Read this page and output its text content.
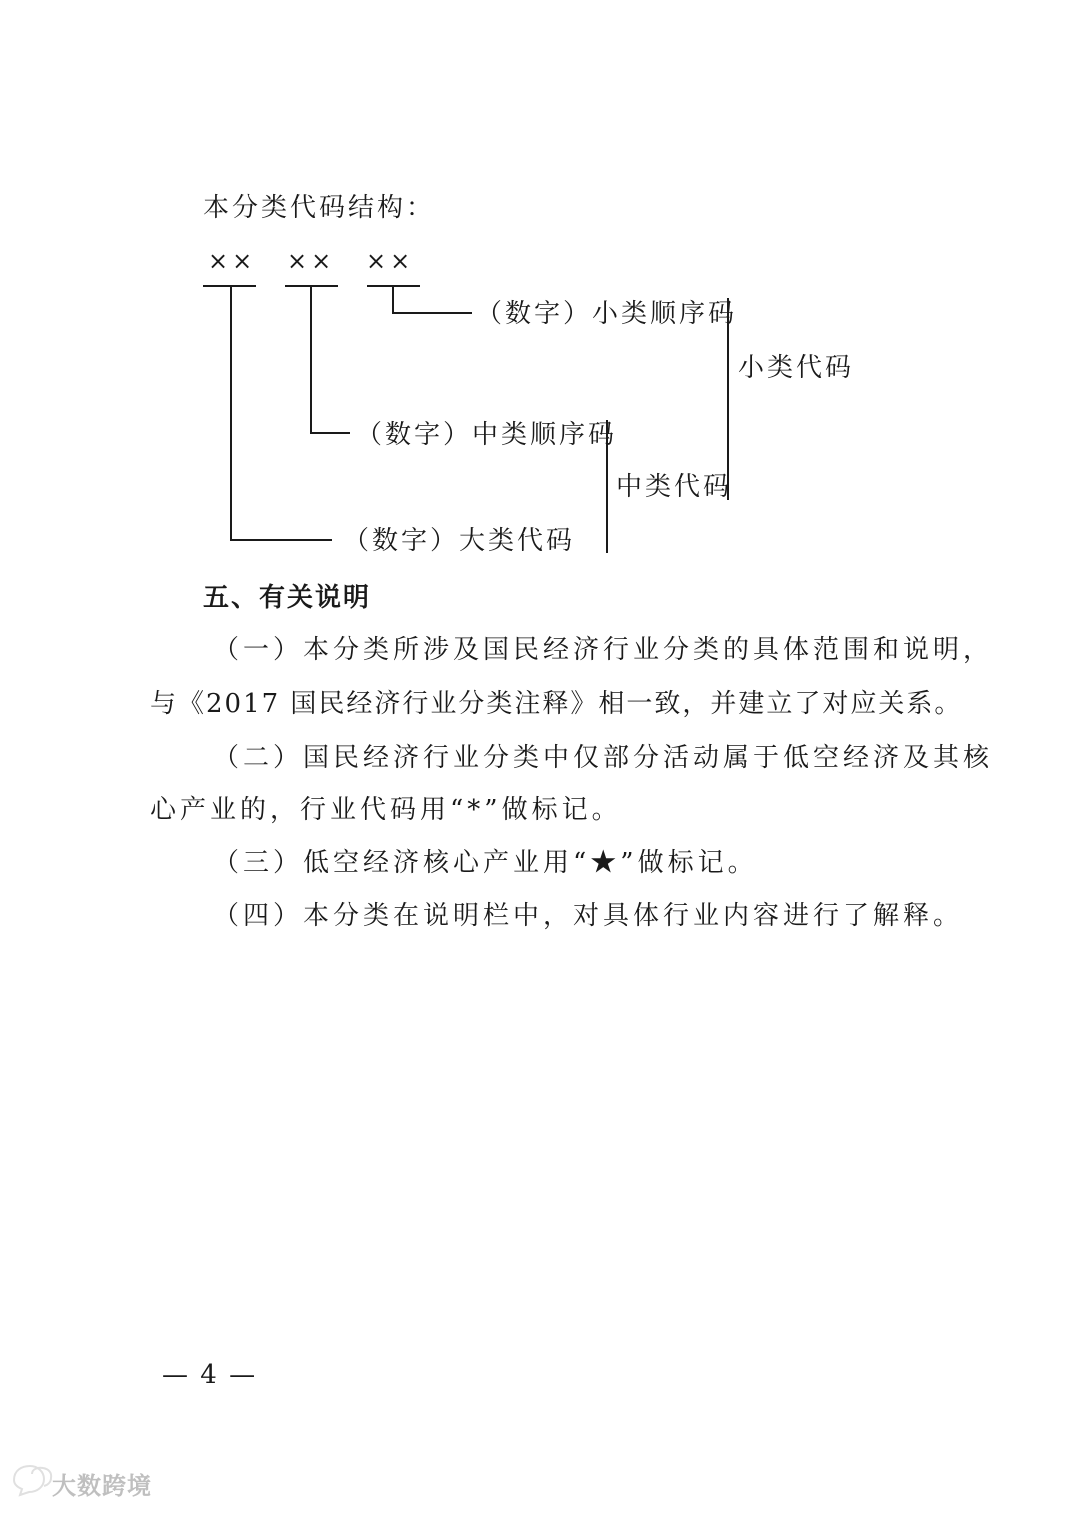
本分类代码结构：
×× ×× ××
（数字）小类顺序码
小类代码
（数字）中类顺序码
中类代码
（数字）大类代码
五、有关说明
（一）本分类所涉及国民经济行业分类的具体范围和说明，
与《2017 国民经济行业分类注释》相一致，并建立了对应关系。
（二）国民经济行业分类中仅部分活动属于低空经济及其核
心产业的，行业代码用“*”做标记。
（三）低空经济核心产业用“★”做标记。
（四）本分类在说明栏中，对具体行业内容进行了解释。
— 4 —
大数跨境
